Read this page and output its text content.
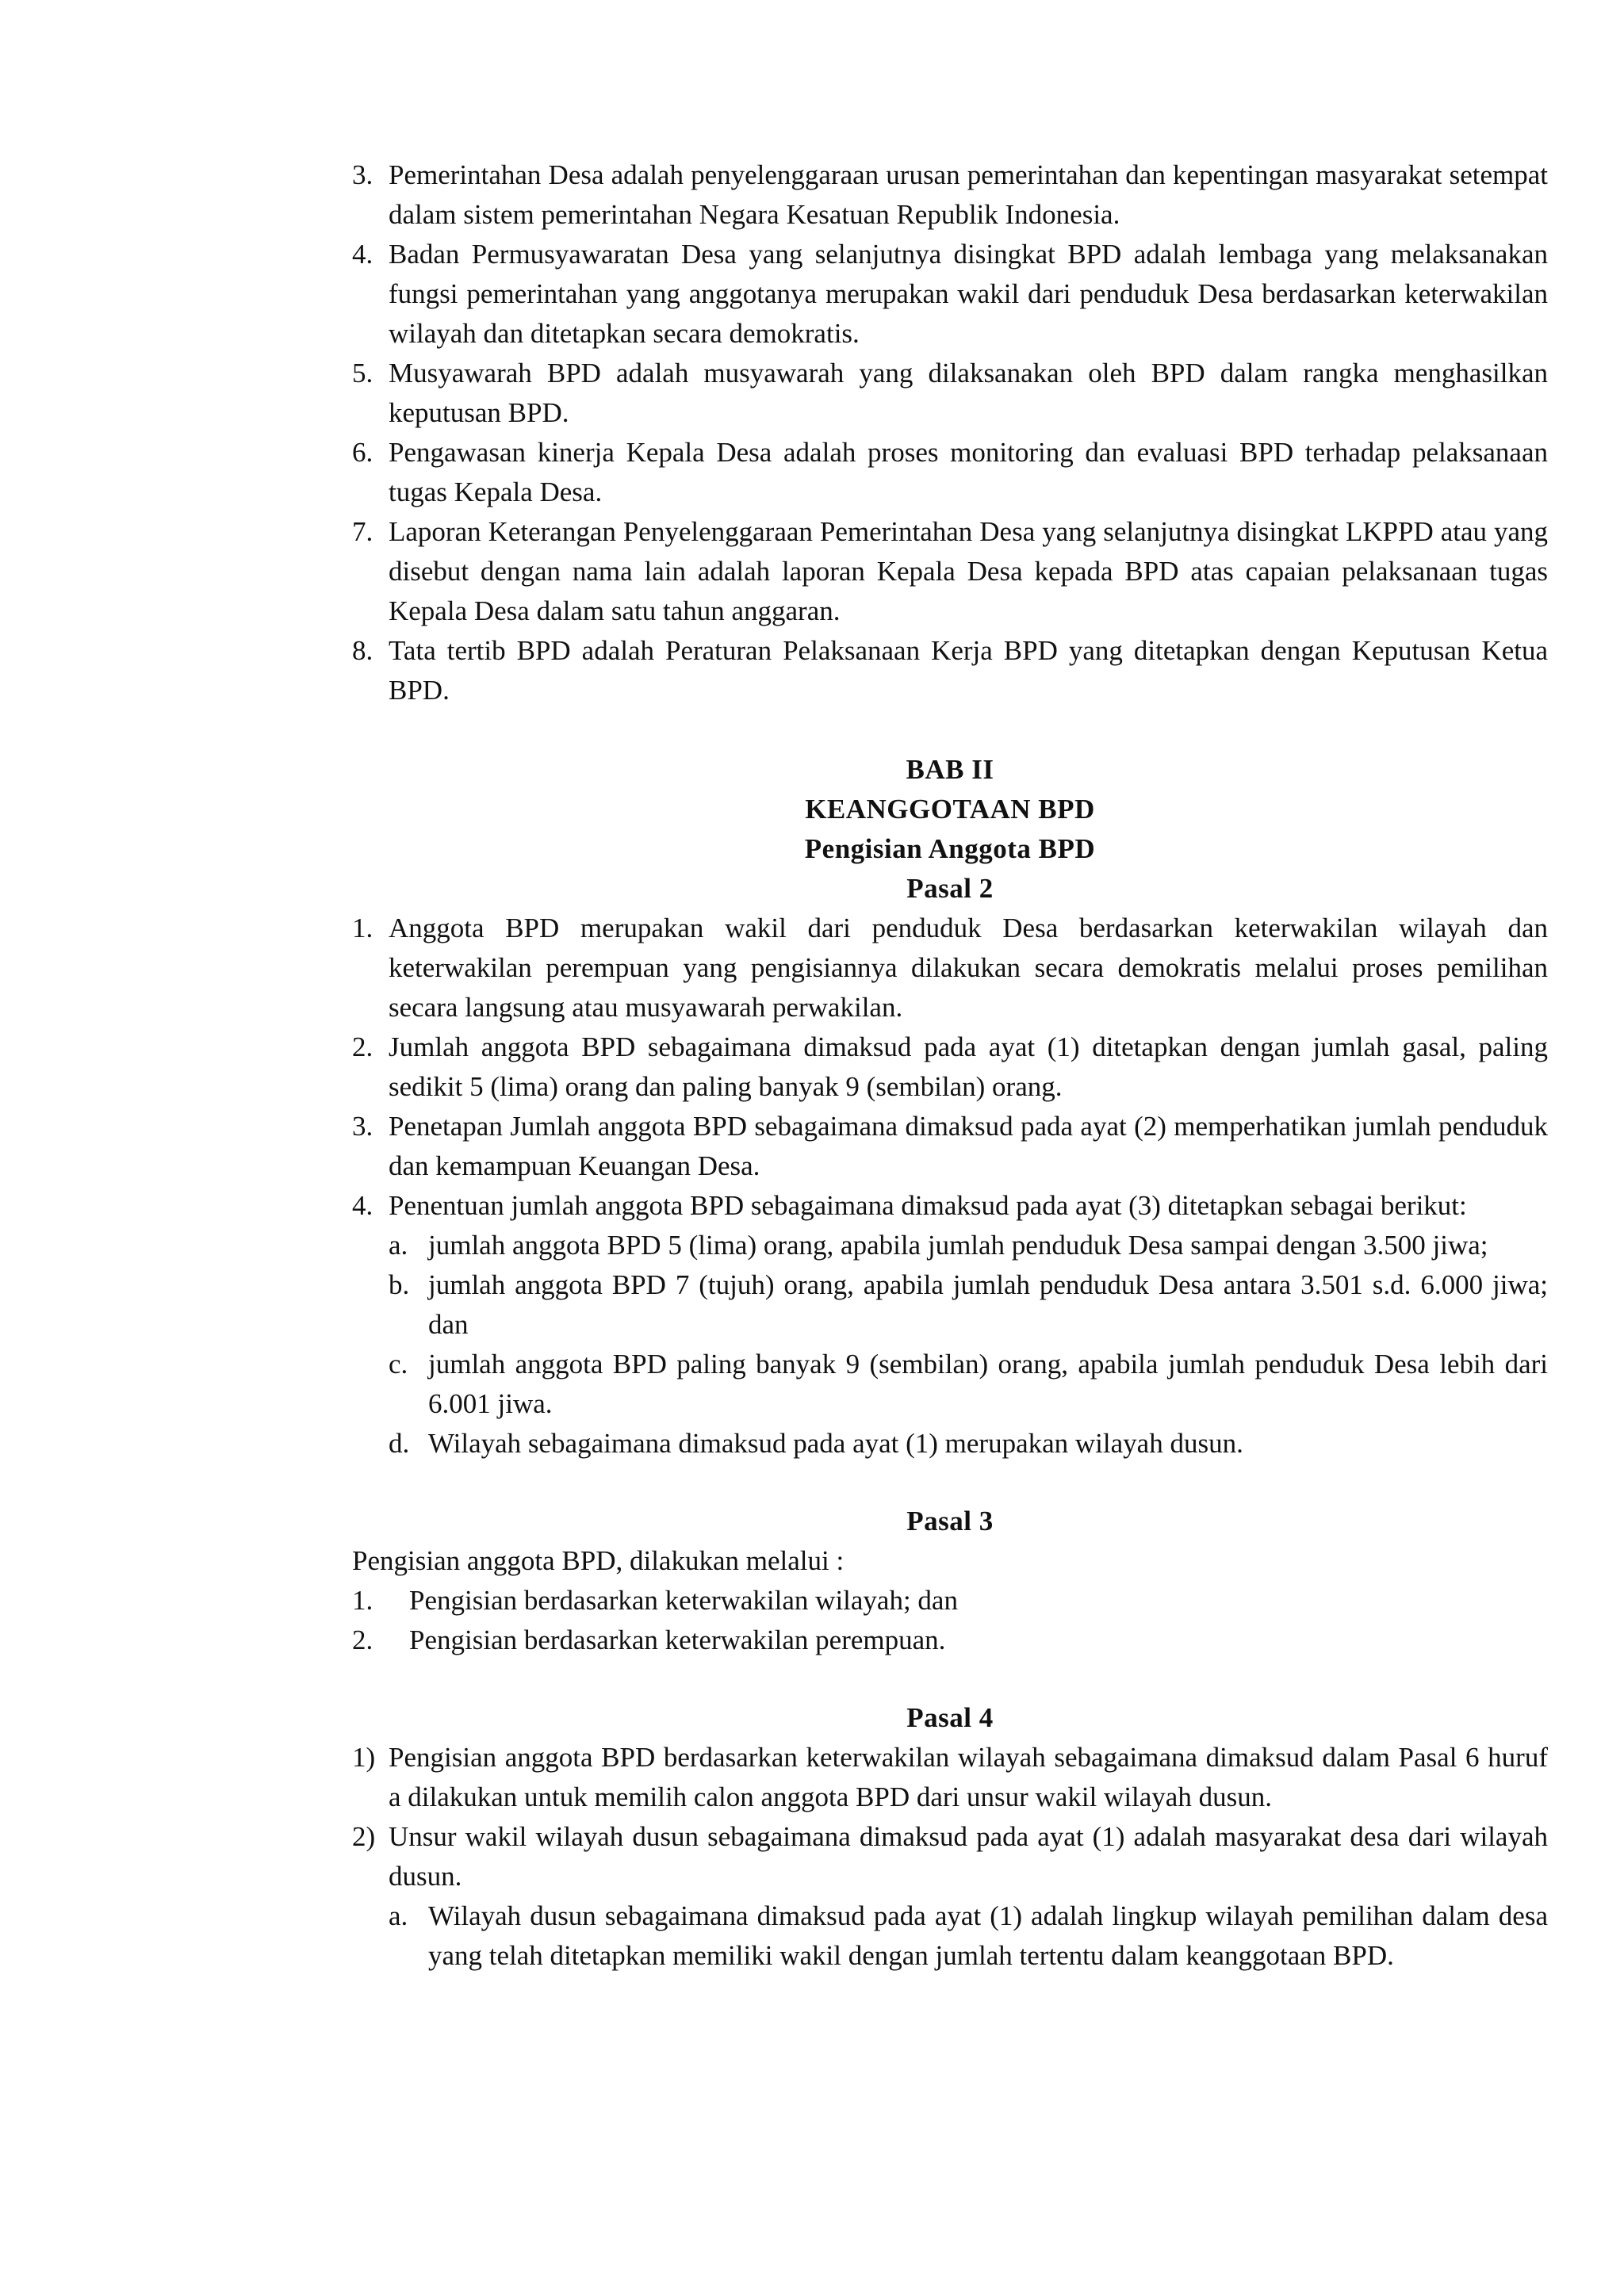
3. Pemerintahan Desa adalah penyelenggaraan urusan pemerintahan dan kepentingan masyarakat setempat dalam sistem pemerintahan Negara Kesatuan Republik Indonesia.
4. Badan Permusyawaratan Desa yang selanjutnya disingkat BPD adalah lembaga yang melaksanakan fungsi pemerintahan yang anggotanya merupakan wakil dari penduduk Desa berdasarkan keterwakilan wilayah dan ditetapkan secara demokratis.
5. Musyawarah BPD adalah musyawarah yang dilaksanakan oleh BPD dalam rangka menghasilkan keputusan BPD.
6. Pengawasan kinerja Kepala Desa adalah proses monitoring dan evaluasi BPD terhadap pelaksanaan tugas Kepala Desa.
7. Laporan Keterangan Penyelenggaraan Pemerintahan Desa yang selanjutnya disingkat LKPPD atau yang disebut dengan nama lain adalah laporan Kepala Desa kepada BPD atas capaian pelaksanaan tugas Kepala Desa dalam satu tahun anggaran.
8. Tata tertib BPD adalah Peraturan Pelaksanaan Kerja BPD yang ditetapkan dengan Keputusan Ketua BPD.
BAB II
KEANGGOTAAN BPD
Pengisian Anggota BPD
Pasal 2
1. Anggota BPD merupakan wakil dari penduduk Desa berdasarkan keterwakilan wilayah dan keterwakilan perempuan yang pengisiannya dilakukan secara demokratis melalui proses pemilihan secara langsung atau musyawarah perwakilan.
2. Jumlah anggota BPD sebagaimana dimaksud pada ayat (1) ditetapkan dengan jumlah gasal, paling sedikit 5 (lima) orang dan paling banyak 9 (sembilan) orang.
3. Penetapan Jumlah anggota BPD sebagaimana dimaksud pada ayat (2) memperhatikan jumlah penduduk dan kemampuan Keuangan Desa.
4. Penentuan jumlah anggota BPD sebagaimana dimaksud pada ayat (3) ditetapkan sebagai berikut:
a. jumlah anggota BPD 5 (lima) orang, apabila jumlah penduduk Desa sampai dengan 3.500 jiwa;
b. jumlah anggota BPD 7 (tujuh) orang, apabila jumlah penduduk Desa antara 3.501 s.d. 6.000 jiwa; dan
c. jumlah anggota BPD paling banyak 9 (sembilan) orang, apabila jumlah penduduk Desa lebih dari 6.001 jiwa.
d. Wilayah sebagaimana dimaksud pada ayat (1) merupakan wilayah dusun.
Pasal 3
Pengisian anggota BPD, dilakukan melalui :
1. Pengisian berdasarkan keterwakilan wilayah; dan
2. Pengisian berdasarkan keterwakilan perempuan.
Pasal 4
1) Pengisian anggota BPD berdasarkan keterwakilan wilayah sebagaimana dimaksud dalam Pasal 6 huruf a dilakukan untuk memilih calon anggota BPD dari unsur wakil wilayah dusun.
2) Unsur wakil wilayah dusun sebagaimana dimaksud pada ayat (1) adalah masyarakat desa dari wilayah dusun.
a. Wilayah dusun sebagaimana dimaksud pada ayat (1) adalah lingkup wilayah pemilihan dalam desa yang telah ditetapkan memiliki wakil dengan jumlah tertentu dalam keanggotaan BPD.
